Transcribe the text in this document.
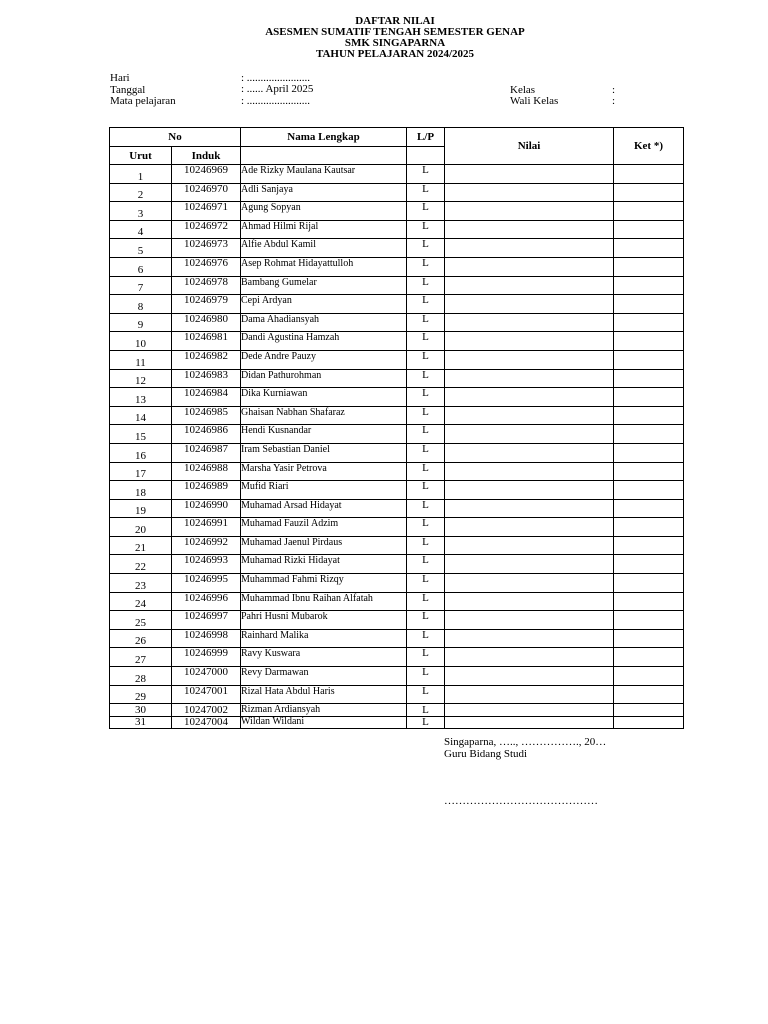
DAFTAR NILAI
ASESMEN SUMATIF TENGAH SEMESTER GENAP
SMK SINGAPARNA
TAHUN PELAJARAN 2024/2025
Hari	: .......................
Tanggal	: ...... April 2025
Mata pelajaran	: .......................
Kelas	:
Wali Kelas	:
No		Nama Lengkap	L/P	Nilai	Ket *)
Urut	Induk				
1	10246969	Ade Rizky Maulana Kautsar	L		
2	10246970	Adli Sanjaya	L		
3	10246971	Agung Sopyan	L		
4	10246972	Ahmad Hilmi Rijal	L		
5	10246973	Alfie Abdul Kamil	L		
6	10246976	Asep Rohmat Hidayattulloh	L		
7	10246978	Bambang Gumelar	L		
8	10246979	Cepi Ardyan	L		
9	10246980	Dama Ahadiansyah	L		
10	10246981	Dandi Agustina Hamzah	L		
11	10246982	Dede Andre Pauzy	L		
12	10246983	Didan Pathurohman	L		
13	10246984	Dika Kurniawan	L		
14	10246985	Ghaisan Nabhan Shafaraz	L		
15	10246986	Hendi Kusnandar	L		
16	10246987	Iram Sebastian Daniel	L		
17	10246988	Marsha Yasir Petrova	L		
18	10246989	Mufid Riari	L		
19	10246990	Muhamad Arsad Hidayat	L		
20	10246991	Muhamad Fauzil Adzim	L		
21	10246992	Muhamad Jaenul Pirdaus	L		
22	10246993	Muhamad Rizki Hidayat	L		
23	10246995	Muhammad Fahmi Rizqy	L		
24	10246996	Muhammad Ibnu Raihan Alfatah	L		
25	10246997	Pahri Husni Mubarok	L		
26	10246998	Rainhard Malika	L		
27	10246999	Ravy Kuswara	L		
28	10247000	Revy Darmawan	L		
29	10247001	Rizal Hata Abdul Haris	L		
30	10247002	Rizman Ardiansyah	L		
31	10247004	Wildan Wildani	L		
Singaparna, ….., ……………., 20…
Guru Bidang Studi
……………………………………
